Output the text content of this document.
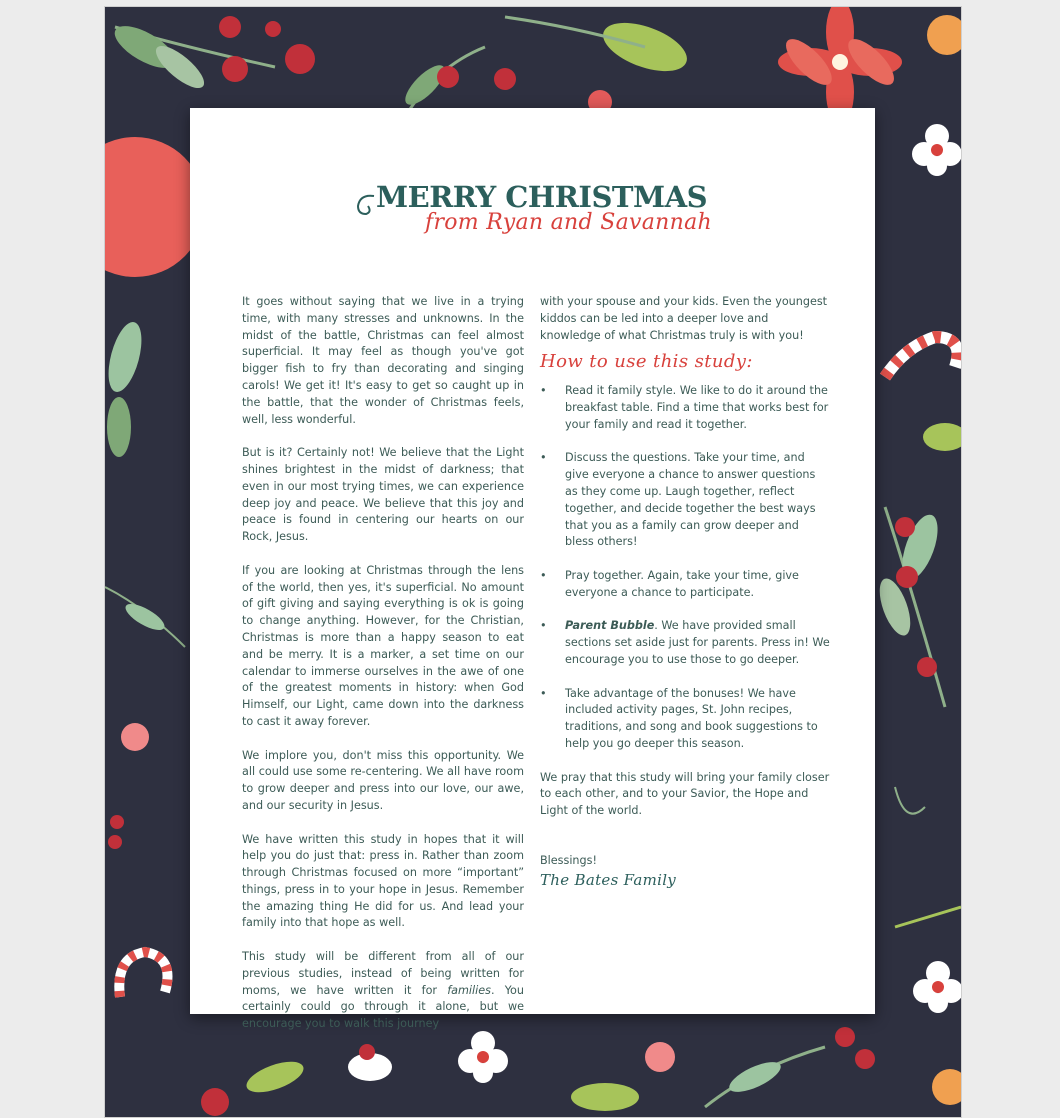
MERRY CHRISTMAS
from Ryan and Savannah

It goes without saying that we live in a trying time, with many stresses and unknowns. In the midst of the battle, Christmas can feel almost superficial. It may feel as though you've got bigger fish to fry than decorating and singing carols! We get it! It's easy to get so caught up in the battle, that the wonder of Christmas feels, well, less wonderful.

But is it? Certainly not! We believe that the Light shines brightest in the midst of darkness; that even in our most trying times, we can experience deep joy and peace. We believe that this joy and peace is found in centering our hearts on our Rock, Jesus.

If you are looking at Christmas through the lens of the world, then yes, it's superficial. No amount of gift giving and saying everything is ok is going to change anything. However, for the Christian, Christmas is more than a happy season to eat and be merry. It is a marker, a set time on our calendar to immerse ourselves in the awe of one of the greatest moments in history: when God Himself, our Light, came down into the darkness to cast it away forever.

We implore you, don't miss this opportunity. We all could use some re-centering. We all have room to grow deeper and press into our love, our awe, and our security in Jesus.

We have written this study in hopes that it will help you do just that: press in. Rather than zoom through Christmas focused on more “important” things, press in to your hope in Jesus. Remember the amazing thing He did for us. And lead your family into that hope as well.

This study will be different from all of our previous studies, instead of being written for moms, we have written it for families. You certainly could go through it alone, but we encourage you to walk this journey

with your spouse and your kids. Even the youngest kiddos can be led into a deeper love and knowledge of what Christmas truly is with you!

How to use this study:
• Read it family style. We like to do it around the breakfast table. Find a time that works best for your family and read it together.
• Discuss the questions. Take your time, and give everyone a chance to answer questions as they come up. Laugh together, reflect together, and decide together the best ways that you as a family can grow deeper and bless others!
• Pray together. Again, take your time, give everyone a chance to participate.
• Parent Bubble. We have provided small sections set aside just for parents. Press in! We encourage you to use those to go deeper.
• Take advantage of the bonuses! We have included activity pages, St. John recipes, traditions, and song and book suggestions to help you go deeper this season.

We pray that this study will bring your family closer to each other, and to your Savior, the Hope and Light of the world.

Blessings!
The Bates Family
